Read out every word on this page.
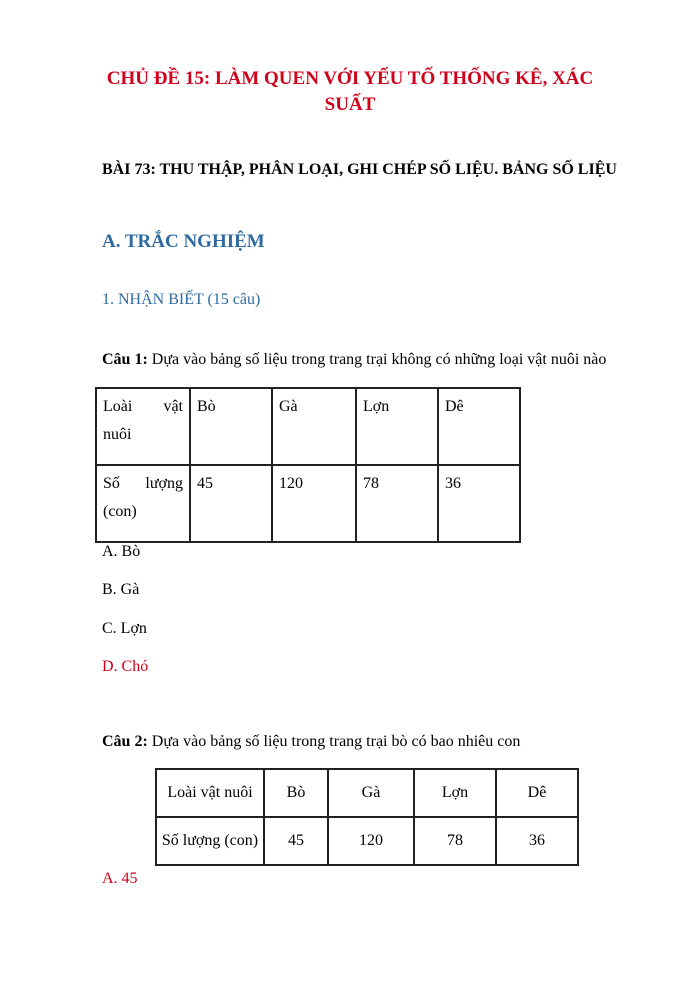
CHỦ ĐỀ 15: LÀM QUEN VỚI YẾU TỐ THỐNG KÊ, XÁC SUẤT
BÀI 73: THU THẬP, PHÂN LOẠI, GHI CHÉP SỐ LIỆU. BẢNG SỐ LIỆU
A. TRẮC NGHIỆM
1. NHẬN BIẾT (15 câu)
Câu 1: Dựa vào bảng số liệu trong trang trại không có những loại vật nuôi nào
Loài vật nuôi	Bò	Gà	Lợn	Dê
Số lượng (con)	45	120	78	36
A. Bò
B. Gà
C. Lợn
D. Chó
Câu 2: Dựa vào bảng số liệu trong trang trại bò có bao nhiêu con
Loài vật nuôi	Bò	Gà	Lợn	Dê
Số lượng (con)	45	120	78	36
A. 45
